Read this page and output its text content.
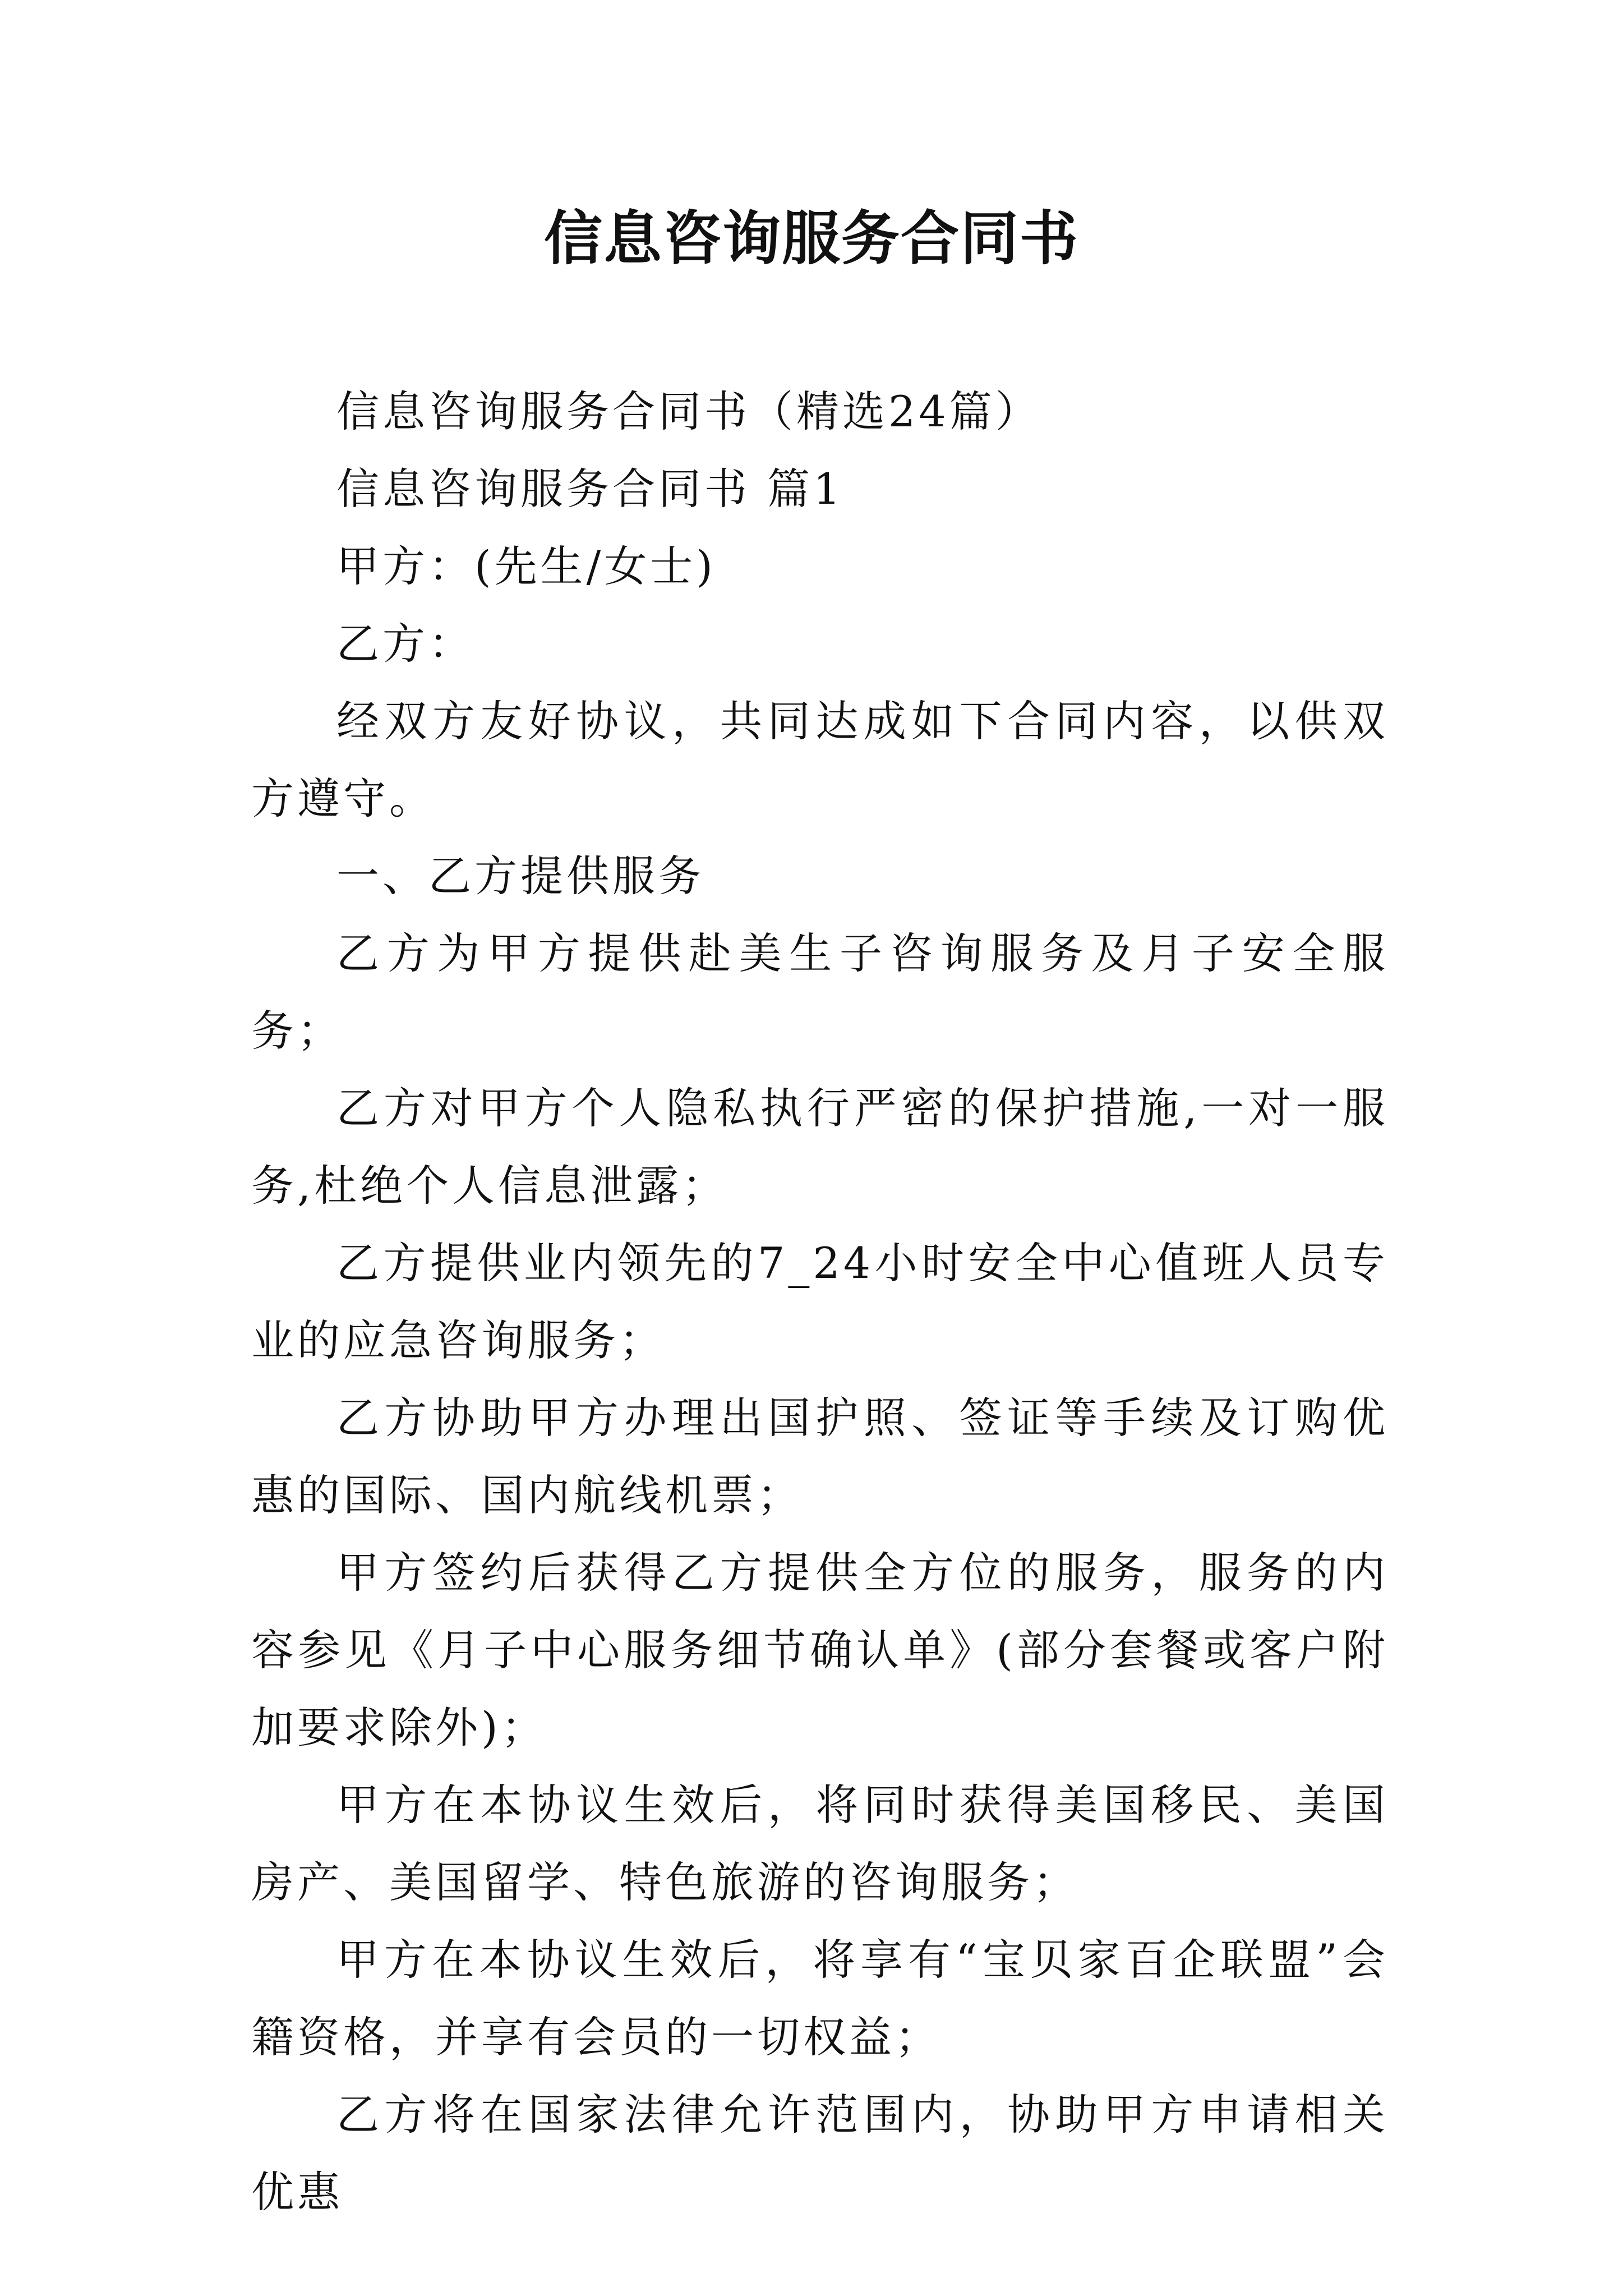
信息咨询服务合同书

信息咨询服务合同书（精选24篇）

信息咨询服务合同书 篇1

甲方：(先生/女士)

乙方：

经双方友好协议，共同达成如下合同内容，以供双方遵守。

一、乙方提供服务

乙方为甲方提供赴美生子咨询服务及月子安全服务；

乙方对甲方个人隐私执行严密的保护措施,一对一服务,杜绝个人信息泄露；

乙方提供业内领先的7_24小时安全中心值班人员专业的应急咨询服务；

乙方协助甲方办理出国护照、签证等手续及订购优惠的国际、国内航线机票；

甲方签约后获得乙方提供全方位的服务，服务的内容参见《月子中心服务细节确认单》(部分套餐或客户附加要求除外)；

甲方在本协议生效后，将同时获得美国移民、美国房产、美国留学、特色旅游的咨询服务；

甲方在本协议生效后，将享有“宝贝家百企联盟”会籍资格，并享有会员的一切权益；

乙方将在国家法律允许范围内，协助甲方申请相关优惠
